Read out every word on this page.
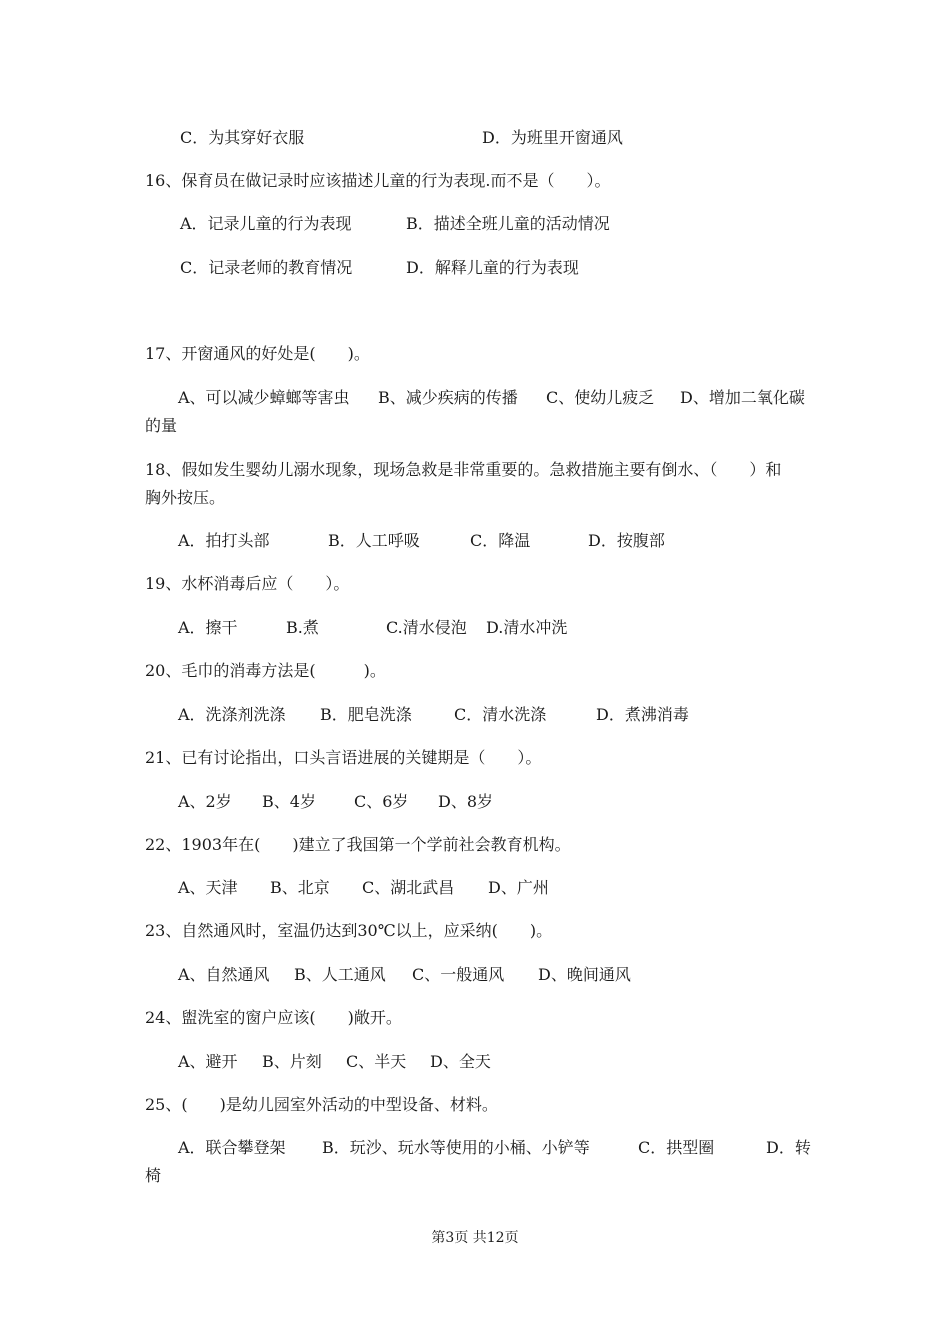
C．为其穿好衣服	D．为班里开窗通风
16、保育员在做记录时应该描述儿童的行为表现.而不是（　　）。
A．记录儿童的行为表现	B．描述全班儿童的活动情况
C．记录老师的教育情况	D．解释儿童的行为表现
17、开窗通风的好处是(　　)。
A、可以减少蟑螂等害虫 B、减少疾病的传播 C、使幼儿疲乏 D、增加二氧化碳
的量
18、假如发生婴幼儿溺水现象，现场急救是非常重要的。急救措施主要有倒水、（　　）和
胸外按压。
A．拍打头部	B．人工呼吸	C．降温	D．按腹部
19、水杯消毒后应（　　）。
A．擦干	B.煮	C.清水侵泡 D.清水冲洗
20、毛巾的消毒方法是(　　　)。
A．洗涤剂洗涤 B．肥皂洗涤	C．清水洗涤	D．煮沸消毒
21、已有讨论指出，口头言语进展的关键期是（　　）。
A、2岁 B、4岁 C、6岁 D、8岁
22、1903年在(　　)建立了我国第一个学前社会教育机构。
A、天津 B、北京 C、湖北武昌 D、广州
23、自然通风时，室温仍达到30℃以上，应采纳(　　)。
A、自然通风 B、人工通风 C、一般通风 D、晚间通风
24、盥洗室的窗户应该(　　)敞开。
A、避开 B、片刻 C、半天 D、全天
25、(　　)是幼儿园室外活动的中型设备、材料。
A．联合攀登架 B．玩沙、玩水等使用的小桶、小铲等	C．拱型圈	D．转
椅
第3页 共12页
